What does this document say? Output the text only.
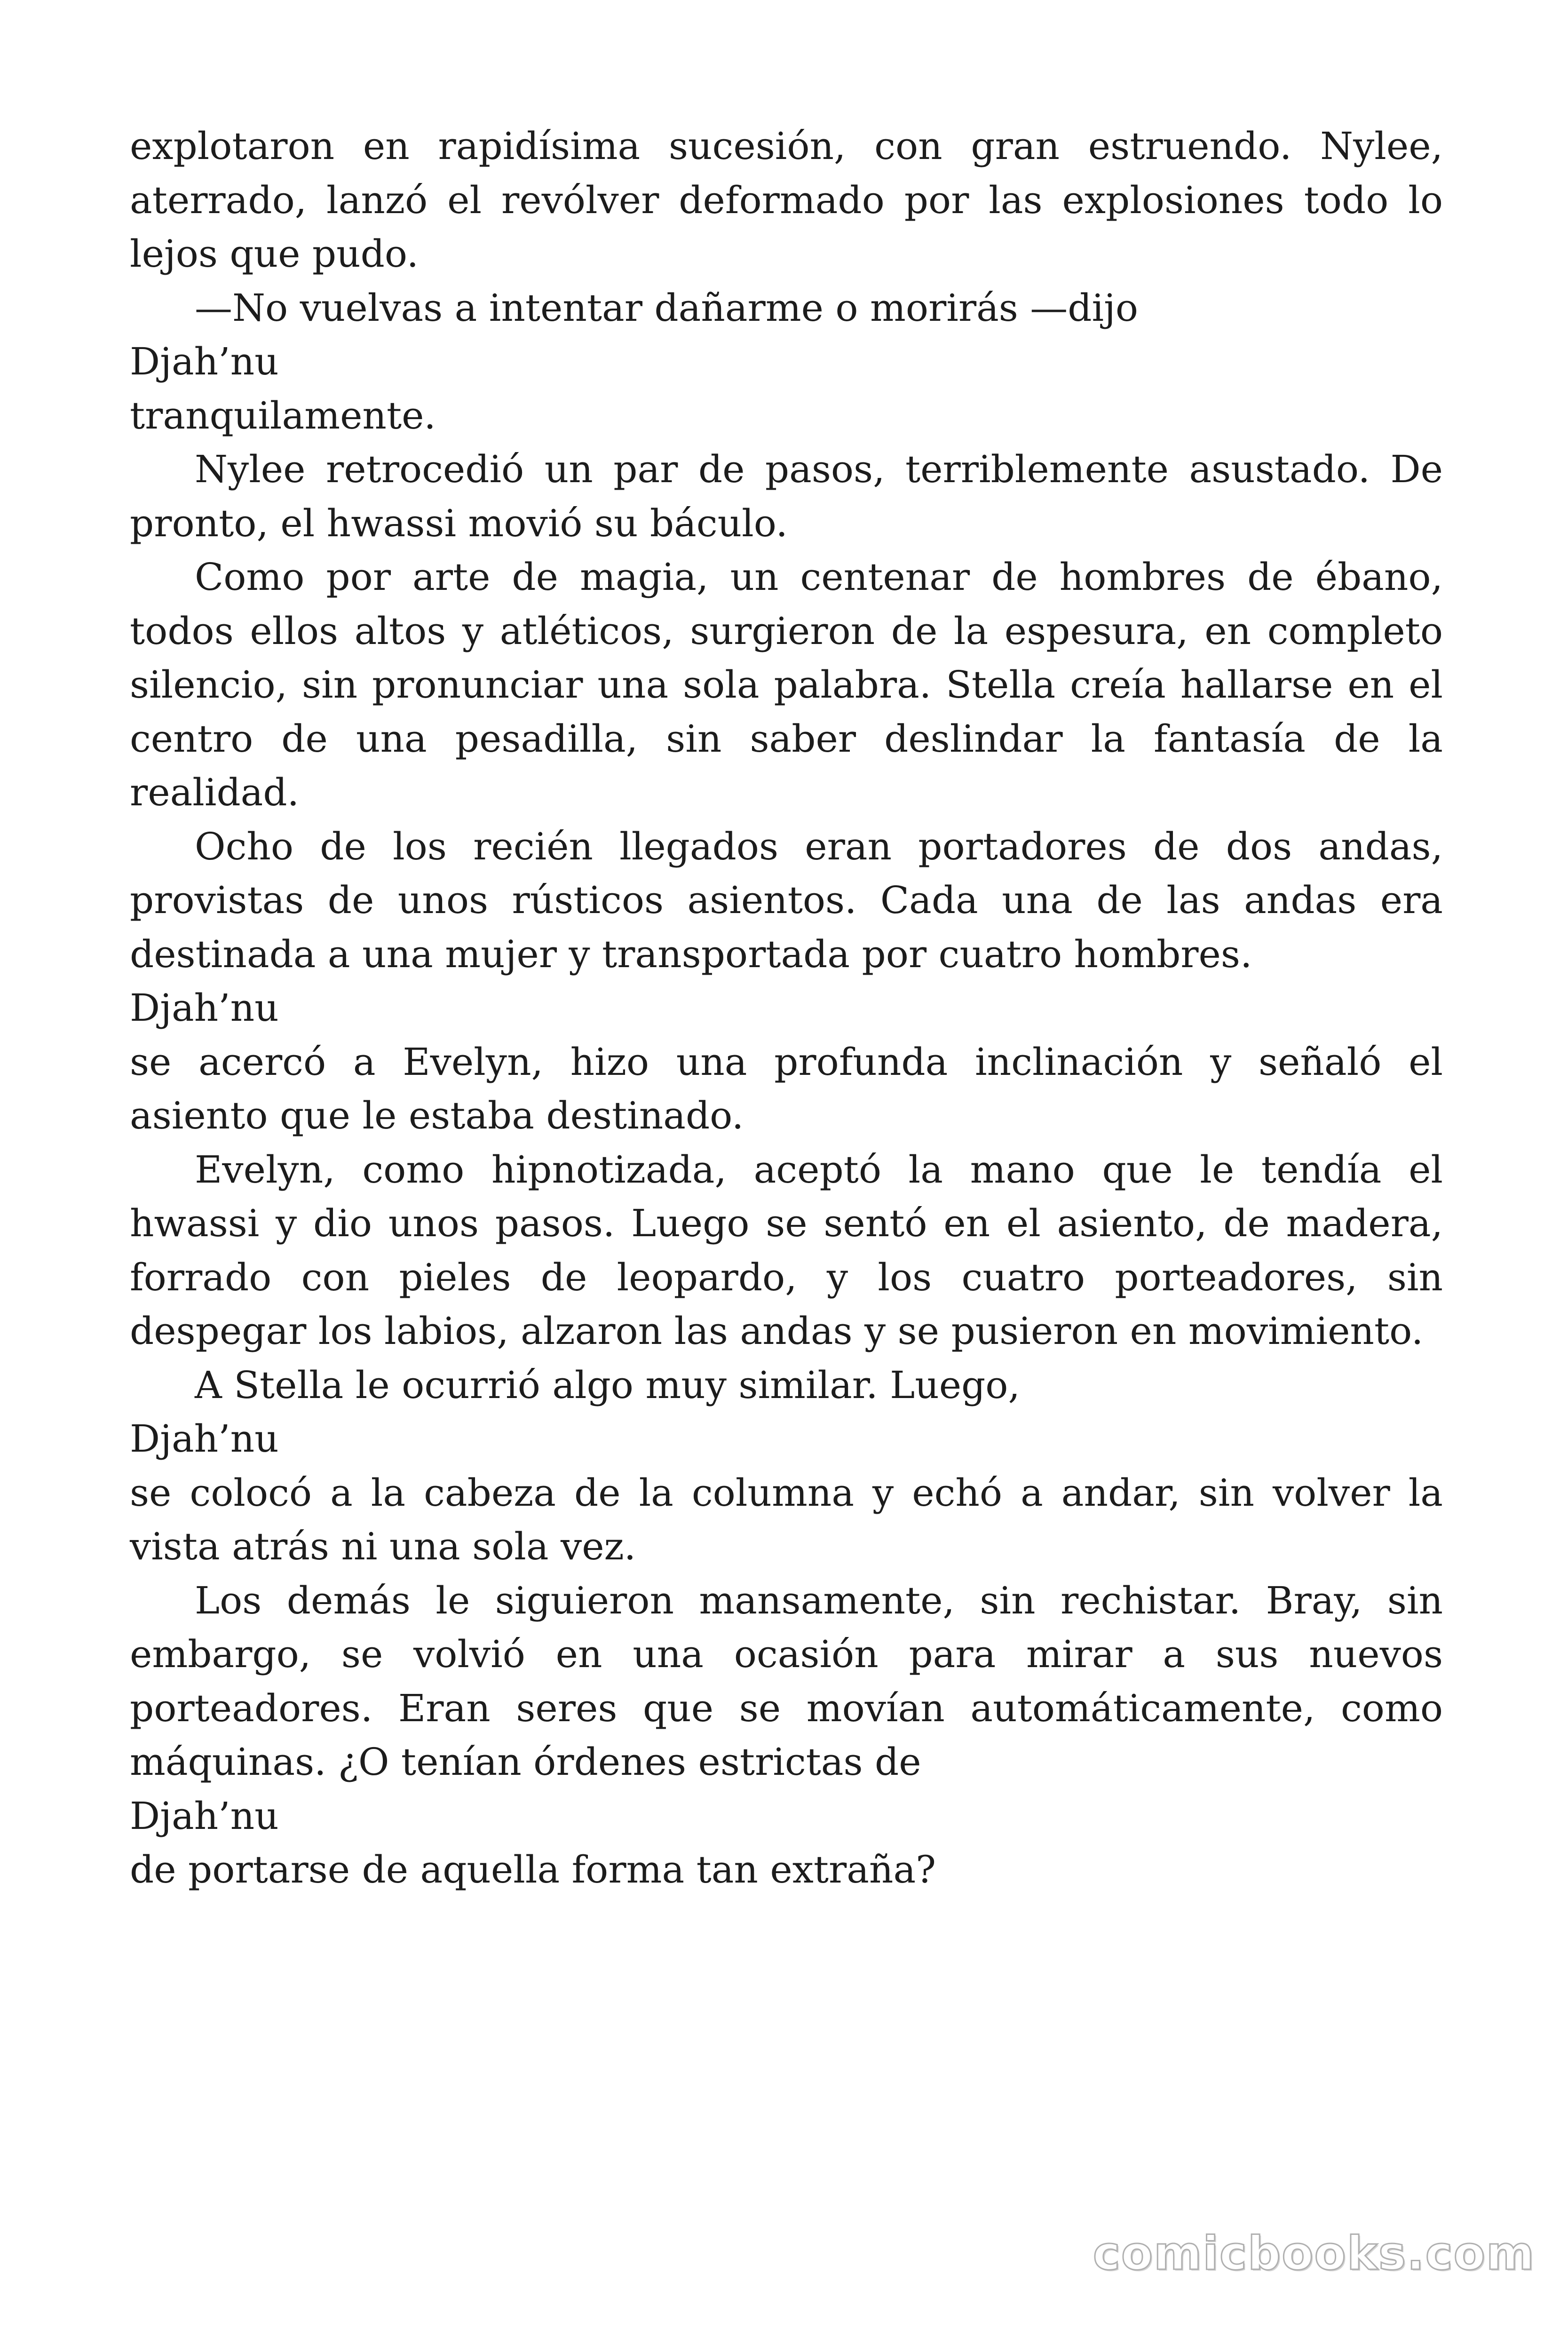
explotaron en rapidísima sucesión, con gran estruendo. Nylee,
aterrado, lanzó el revólver deformado por las explosiones todo lo
lejos que pudo.

—No vuelvas a intentar dañarme o morirás —dijo

Djah’nu

tranquilamente.

Nylee retrocedió un par de pasos, terriblemente asustado. De
pronto, el hwassi movió su báculo.

Como por arte de magia, un centenar de hombres de ébano,
todos ellos altos y atléticos, surgieron de la espesura, en completo
silencio, sin pronunciar una sola palabra. Stella creía hallarse en el
centro de una pesadilla, sin saber deslindar la fantasía de la
realidad.

Ocho de los recién llegados eran portadores de dos andas,
provistas de unos rústicos asientos. Cada una de las andas era
destinada a una mujer y transportada por cuatro hombres.

Djah’nu

se acercó a Evelyn, hizo una profunda inclinación y señaló el
asiento que le estaba destinado.

Evelyn, como hipnotizada, aceptó la mano que le tendía el
hwassi y dio unos pasos. Luego se sentó en el asiento, de madera,
forrado con pieles de leopardo, y los cuatro porteadores, sin
despegar los labios, alzaron las andas y se pusieron en movimiento.

A Stella le ocurrió algo muy similar. Luego,

Djah’nu

se colocó a la cabeza de la columna y echó a andar, sin volver la
vista atrás ni una sola vez.

Los demás le siguieron mansamente, sin rechistar. Bray, sin
embargo, se volvió en una ocasión para mirar a sus nuevos
porteadores. Eran seres que se movían automáticamente, como
máquinas. ¿O tenían órdenes estrictas de

Djah’nu

de portarse de aquella forma tan extraña?

comicbooks.com
